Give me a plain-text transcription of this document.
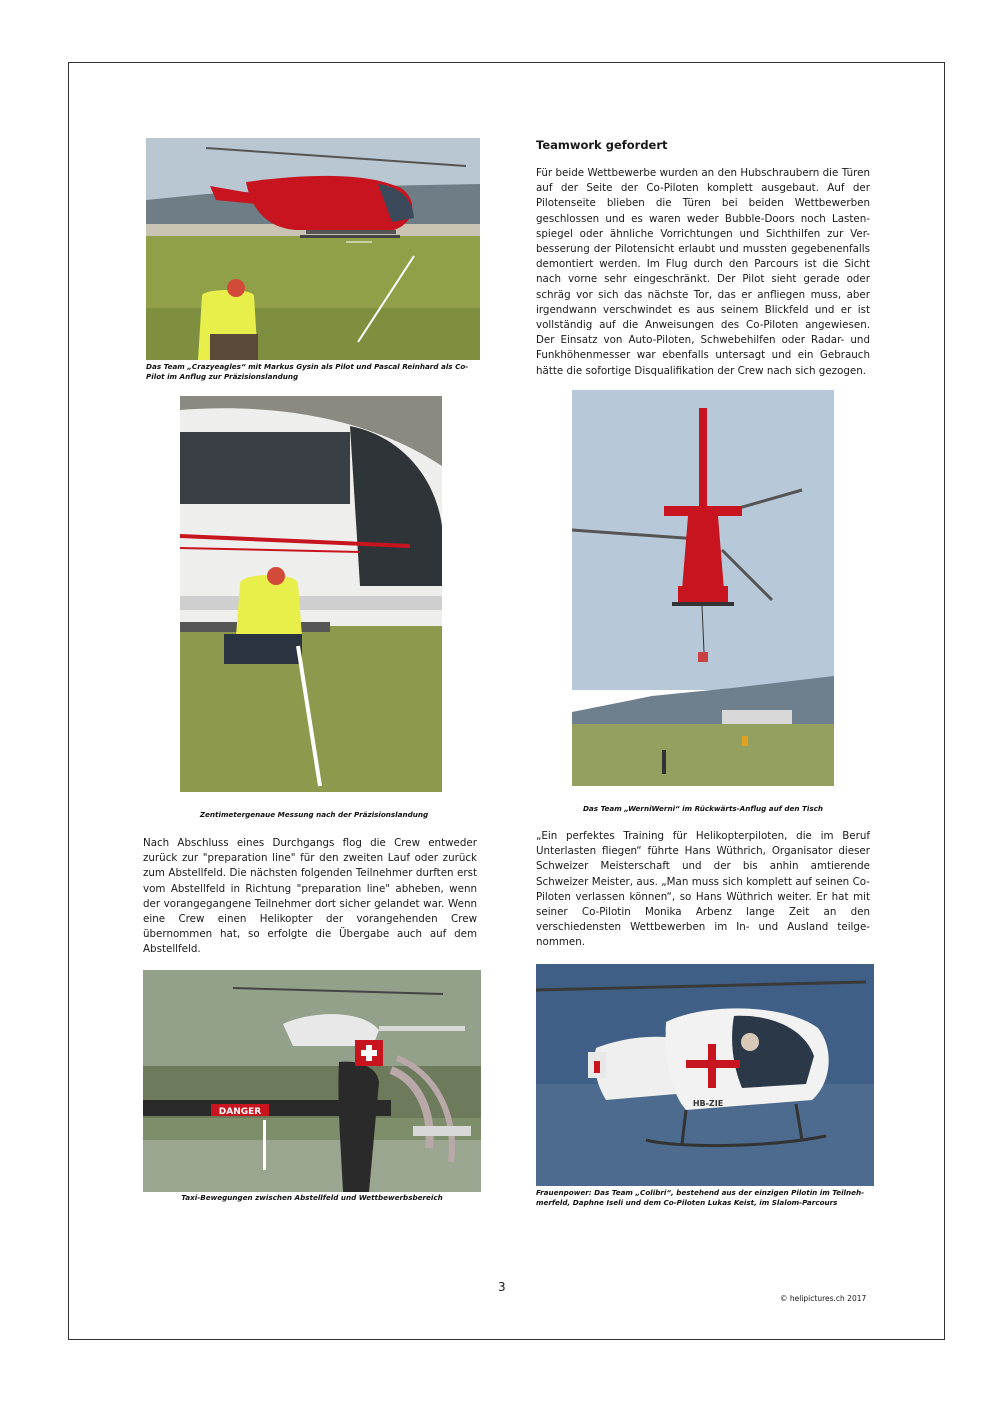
Das Team „Crazyeagles“ mit Markus Gysin als Pilot und Pascal Reinhard als Co-Pilot im Anflug zur Präzisionslandung
Zentimetergenaue Messung nach der Präzisionslandung
Teamwork gefordert
Für beide Wettbewerbe wurden an den Hubschraubern die Türen auf der Seite der Co-Piloten komplett ausgebaut. Auf der Pilotenseite blieben die Türen bei beiden Wettbewerben geschlossen und es waren weder Bubble-Doors noch Lasten-spiegel oder ähnliche Vorrichtungen und Sichthilfen zur Ver-besserung der Pilotensicht erlaubt und mussten gegebenenfalls demontiert werden. Im Flug durch den Parcours ist die Sicht nach vorne sehr eingeschränkt. Der Pilot sieht gerade oder schräg vor sich das nächste Tor, das er anfliegen muss, aber irgendwann verschwindet es aus seinem Blickfeld und er ist vollständig auf die Anweisungen des Co-Piloten angewiesen. Der Einsatz von Auto-Piloten, Schwebehilfen oder Radar- und Funkhöhenmesser war ebenfalls untersagt und ein Gebrauch hätte die sofortige Disqualifikation der Crew nach sich gezogen.
Das Team „WerniWerni“ im Rückwärts-Anflug auf den Tisch
Nach Abschluss eines Durchgangs flog die Crew entweder zurück zur "preparation line" für den zweiten Lauf oder zurück zum Abstellfeld. Die nächsten folgenden Teilnehmer durften erst vom Abstellfeld in Richtung "preparation line" abheben, wenn der vorangegangene Teilnehmer dort sicher gelandet war. Wenn eine Crew einen Helikopter der vorangehenden Crew übernommen hat, so erfolgte die Übergabe auch auf dem Abstellfeld.
„Ein perfektes Training für Helikopterpiloten, die im Beruf Unterlasten fliegen“ führte Hans Wüthrich, Organisator dieser Schweizer Meisterschaft und der bis anhin amtierende Schweizer Meister, aus. „Man muss sich komplett auf seinen Co-Piloten verlassen können“, so Hans Wüthrich weiter. Er hat mit seiner Co-Pilotin Monika Arbenz lange Zeit an den verschiedensten Wettbewerben im In- und Ausland teilge-nommen.
DANGER
Taxi-Bewegungen zwischen Abstellfeld und Wettbewerbsbereich
HB-ZIE
Frauenpower: Das Team „Colibri“, bestehend aus der einzigen Pilotin im Teilneh-merfeld, Daphne Iseli und dem Co-Piloten Lukas Keist, im Slalom-Parcours
3
© helipictures.ch 2017
